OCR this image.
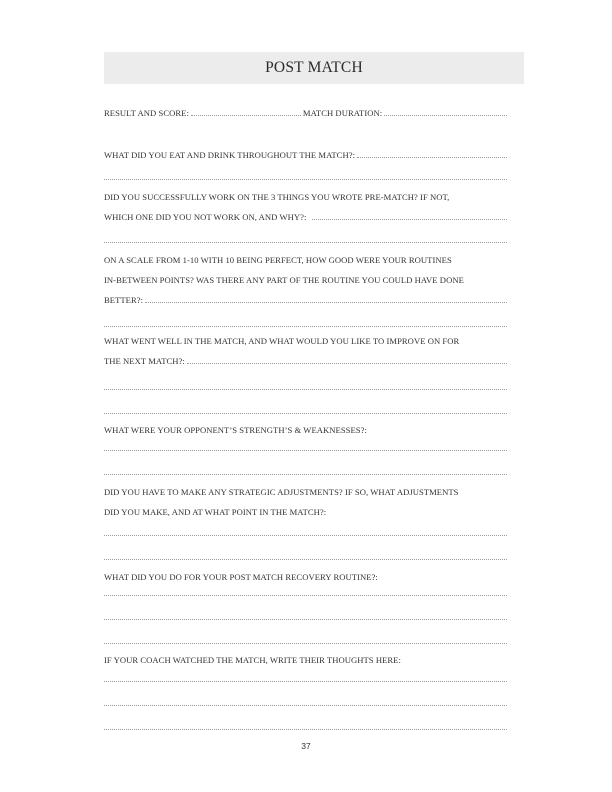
POST MATCH
RESULT AND SCORE:	MATCH DURATION:
WHAT DID YOU EAT AND DRINK THROUGHOUT THE MATCH?:
DID YOU SUCCESSFULLY WORK ON THE 3 THINGS YOU WROTE PRE-MATCH? IF NOT,
WHICH ONE DID YOU NOT WORK ON, AND WHY?:
ON A SCALE FROM 1-10 WITH 10 BEING PERFECT, HOW GOOD WERE YOUR ROUTINES
IN-BETWEEN POINTS? WAS THERE ANY PART OF THE ROUTINE YOU COULD HAVE DONE
BETTER?:
WHAT WENT WELL IN THE MATCH, AND WHAT WOULD YOU LIKE TO IMPROVE ON FOR
THE NEXT MATCH?:
WHAT WERE YOUR OPPONENT’S STRENGTH’S & WEAKNESSES?:
DID YOU HAVE TO MAKE ANY STRATEGIC ADJUSTMENTS? IF SO, WHAT ADJUSTMENTS
DID YOU MAKE, AND AT WHAT POINT IN THE MATCH?:
WHAT DID YOU DO FOR YOUR POST MATCH RECOVERY ROUTINE?:
IF YOUR COACH WATCHED THE MATCH, WRITE THEIR THOUGHTS HERE:
37
